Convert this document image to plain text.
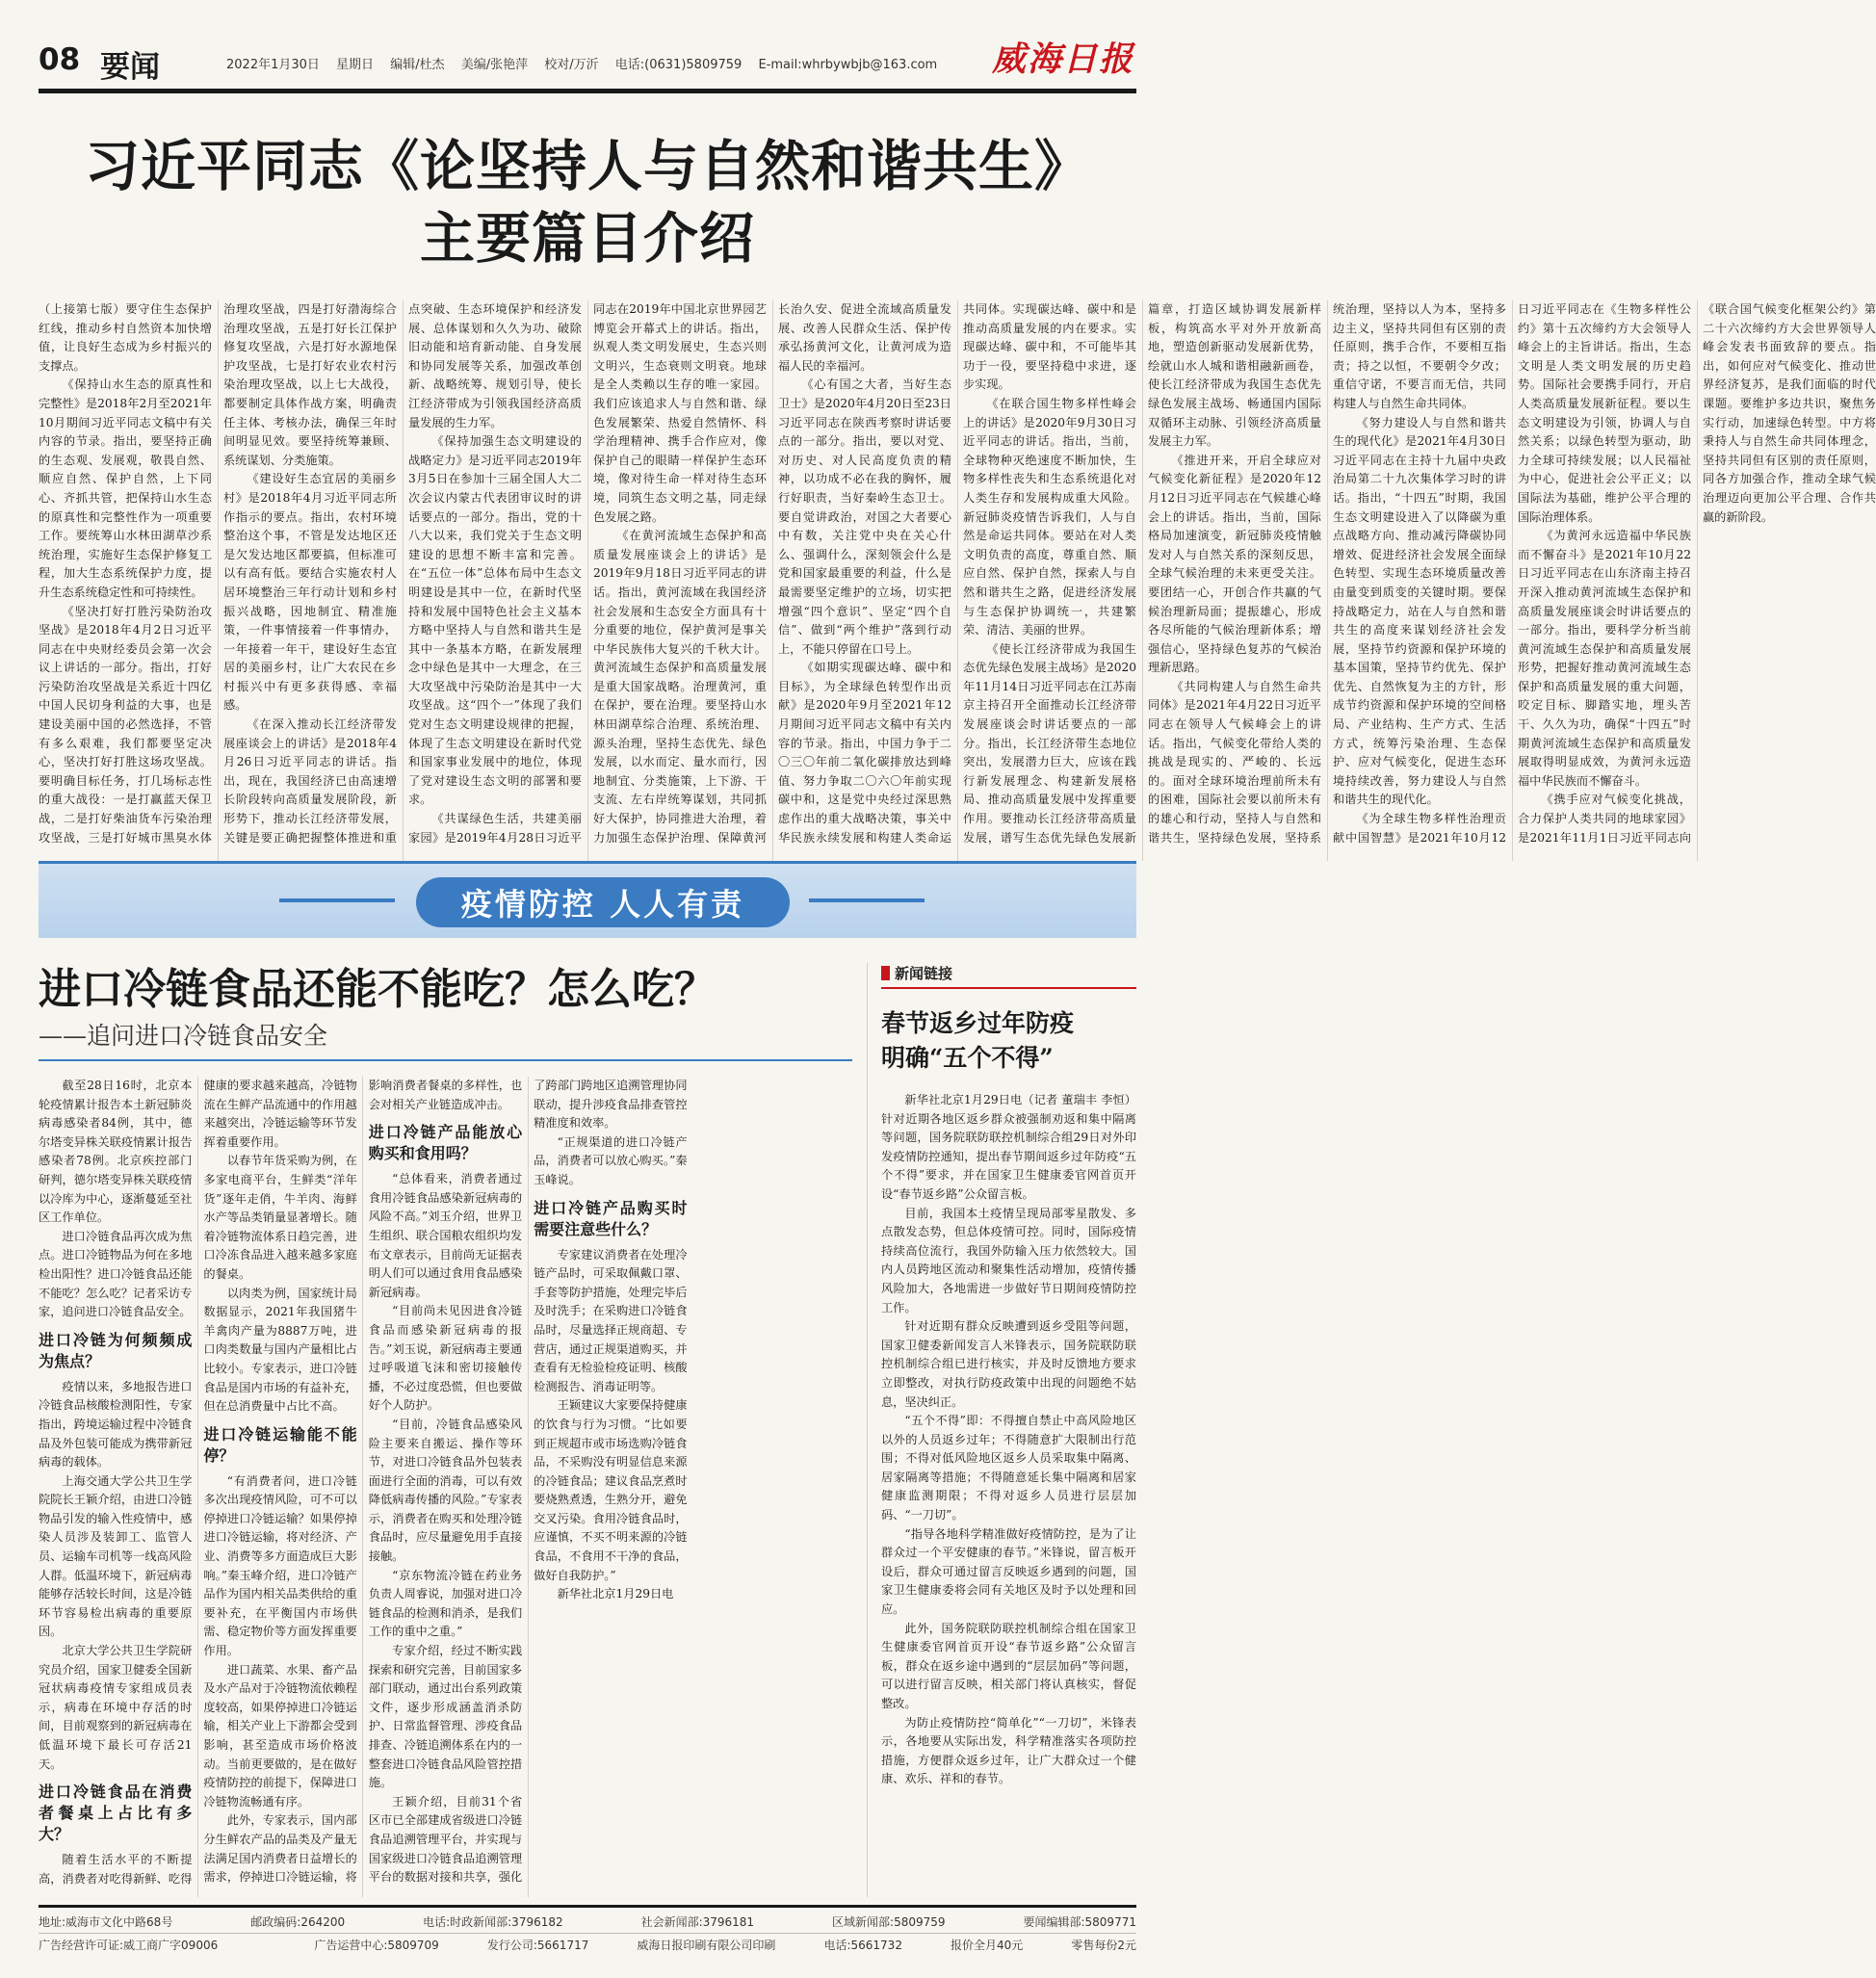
08 要闻	2022年1月30日 星期日 编辑/杜杰 美编/张艳萍 校对/万沂 电话:(0631)5809759 E-mail:whrbywbjb@163.com	威海日报
习近平同志《论坚持人与自然和谐共生》
主要篇目介绍

（上接第七版）要守住生态保护红线，推动乡村自然资本加快增值，让良好生态成为乡村振兴的支撑点。

《保持山水生态的原真性和完整性》是2018年2月至2021年10月期间习近平同志文稿中有关内容的节录。指出，要坚持正确的生态观、发展观，敬畏自然、顺应自然、保护自然，上下同心、齐抓共管，把保持山水生态的原真性和完整性作为一项重要工作。要统筹山水林田湖草沙系统治理，实施好生态保护修复工程，加大生态系统保护力度，提升生态系统稳定性和可持续性。

《坚决打好打胜污染防治攻坚战》是2018年4月2日习近平同志在中央财经委员会第一次会议上讲话的一部分。指出，打好污染防治攻坚战是关系近十四亿中国人民切身利益的大事，也是建设美丽中国的必然选择，不管有多么艰难，我们都要坚定决心，坚决打好打胜这场攻坚战。要明确目标任务，打几场标志性的重大战役：一是打赢蓝天保卫战，二是打好柴油货车污染治理攻坚战，三是打好城市黑臭水体治理攻坚战，四是打好渤海综合治理攻坚战，五是打好长江保护修复攻坚战，六是打好水源地保护攻坚战，七是打好农业农村污染治理攻坚战，以上七大战役，都要制定具体作战方案，明确责任主体、考核办法，确保三年时间明显见效。要坚持统筹兼顾、系统谋划、分类施策。

《建设好生态宜居的美丽乡村》是2018年4月习近平同志所作指示的要点。指出，农村环境整治这个事，不管是发达地区还是欠发达地区都要搞，但标准可以有高有低。要结合实施农村人居环境整治三年行动计划和乡村振兴战略，因地制宜、精准施策，一件事情接着一件事情办，一年接着一年干，建设好生态宜居的美丽乡村，让广大农民在乡村振兴中有更多获得感、幸福感。

《在深入推动长江经济带发展座谈会上的讲话》是2018年4月26日习近平同志的讲话。指出，现在，我国经济已由高速增长阶段转向高质量发展阶段，新形势下，推动长江经济带发展，关键是要正确把握整体推进和重点突破、生态环境保护和经济发展、总体谋划和久久为功、破除旧动能和培育新动能、自身发展和协同发展等关系，加强改革创新、战略统筹、规划引导，使长江经济带成为引领我国经济高质量发展的生力军。

《保持加强生态文明建设的战略定力》是习近平同志2019年3月5日在参加十三届全国人大二次会议内蒙古代表团审议时的讲话要点的一部分。指出，党的十八大以来，我们党关于生态文明建设的思想不断丰富和完善。在“五位一体”总体布局中生态文明建设是其中一位，在新时代坚持和发展中国特色社会主义基本方略中坚持人与自然和谐共生是其中一条基本方略，在新发展理念中绿色是其中一大理念，在三大攻坚战中污染防治是其中一大攻坚战。这“四个一”体现了我们党对生态文明建设规律的把握，体现了生态文明建设在新时代党和国家事业发展中的地位，体现了党对建设生态文明的部署和要求。

《共谋绿色生活，共建美丽家园》是2019年4月28日习近平同志在2019年中国北京世界园艺博览会开幕式上的讲话。指出，纵观人类文明发展史，生态兴则文明兴，生态衰则文明衰。地球是全人类赖以生存的唯一家园。我们应该追求人与自然和谐、绿色发展繁荣、热爱自然情怀、科学治理精神、携手合作应对，像保护自己的眼睛一样保护生态环境，像对待生命一样对待生态环境，同筑生态文明之基，同走绿色发展之路。

《在黄河流域生态保护和高质量发展座谈会上的讲话》是2019年9月18日习近平同志的讲话。指出，黄河流域在我国经济社会发展和生态安全方面具有十分重要的地位，保护黄河是事关中华民族伟大复兴的千秋大计。黄河流域生态保护和高质量发展是重大国家战略。治理黄河，重在保护，要在治理。要坚持山水林田湖草综合治理、系统治理、源头治理，坚持生态优先、绿色发展，以水而定、量水而行，因地制宜、分类施策，上下游、干支流、左右岸统筹谋划，共同抓好大保护，协同推进大治理，着力加强生态保护治理、保障黄河长治久安、促进全流域高质量发展、改善人民群众生活、保护传承弘扬黄河文化，让黄河成为造福人民的幸福河。

《心有国之大者，当好生态卫士》是2020年4月20日至23日习近平同志在陕西考察时讲话要点的一部分。指出，要以对党、对历史、对人民高度负责的精神，以功成不必在我的胸怀，履行好职责，当好秦岭生态卫士。要自觉讲政治，对国之大者要心中有数，关注党中央在关心什么、强调什么，深刻领会什么是党和国家最重要的利益，什么是最需要坚定维护的立场，切实把增强“四个意识”、坚定“四个自信”、做到“两个维护”落到行动上，不能只停留在口号上。

《如期实现碳达峰、碳中和目标》，为全球绿色转型作出贡献》是2020年9月至2021年12月期间习近平同志文稿中有关内容的节录。指出，中国力争于二〇三〇年前二氧化碳排放达到峰值、努力争取二〇六〇年前实现碳中和，这是党中央经过深思熟虑作出的重大战略决策，事关中华民族永续发展和构建人类命运共同体。实现碳达峰、碳中和是推动高质量发展的内在要求。实现碳达峰、碳中和，不可能毕其功于一役，要坚持稳中求进，逐步实现。

《在联合国生物多样性峰会上的讲话》是2020年9月30日习近平同志的讲话。指出，当前，全球物种灭绝速度不断加快，生物多样性丧失和生态系统退化对人类生存和发展构成重大风险。新冠肺炎疫情告诉我们，人与自然是命运共同体。要站在对人类文明负责的高度，尊重自然、顺应自然、保护自然，探索人与自然和谐共生之路，促进经济发展与生态保护协调统一，共建繁荣、清洁、美丽的世界。

《使长江经济带成为我国生态优先绿色发展主战场》是2020年11月14日习近平同志在江苏南京主持召开全面推动长江经济带发展座谈会时讲话要点的一部分。指出，长江经济带生态地位突出，发展潜力巨大，应该在践行新发展理念、构建新发展格局、推动高质量发展中发挥重要作用。要推动长江经济带高质量发展，谱写生态优先绿色发展新篇章，打造区域协调发展新样板，构筑高水平对外开放新高地，塑造创新驱动发展新优势，绘就山水人城和谐相融新画卷，使长江经济带成为我国生态优先绿色发展主战场、畅通国内国际双循环主动脉、引领经济高质量发展主力军。

《推进开来，开启全球应对气候变化新征程》是2020年12月12日习近平同志在气候雄心峰会上的讲话。指出，当前，国际格局加速演变，新冠肺炎疫情触发对人与自然关系的深刻反思，全球气候治理的未来更受关注。要团结一心，开创合作共赢的气候治理新局面；提振雄心，形成各尽所能的气候治理新体系；增强信心，坚持绿色复苏的气候治理新思路。

《共同构建人与自然生命共同体》是2021年4月22日习近平同志在领导人气候峰会上的讲话。指出，气候变化带给人类的挑战是现实的、严峻的、长远的。面对全球环境治理前所未有的困难，国际社会要以前所未有的雄心和行动，坚持人与自然和谐共生，坚持绿色发展，坚持系统治理，坚持以人为本，坚持多边主义，坚持共同但有区别的责任原则，携手合作，不要相互指责；持之以恒，不要朝令夕改；重信守诺，不要言而无信，共同构建人与自然生命共同体。

《努力建设人与自然和谐共生的现代化》是2021年4月30日习近平同志在主持十九届中央政治局第二十九次集体学习时的讲话。指出，“十四五”时期，我国生态文明建设进入了以降碳为重点战略方向、推动减污降碳协同增效、促进经济社会发展全面绿色转型、实现生态环境质量改善由量变到质变的关键时期。要保持战略定力，站在人与自然和谐共生的高度来谋划经济社会发展，坚持节约资源和保护环境的基本国策，坚持节约优先、保护优先、自然恢复为主的方针，形成节约资源和保护环境的空间格局、产业结构、生产方式、生活方式，统筹污染治理、生态保护、应对气候变化，促进生态环境持续改善，努力建设人与自然和谐共生的现代化。

《为全球生物多样性治理贡献中国智慧》是2021年10月12日习近平同志在《生物多样性公约》第十五次缔约方大会领导人峰会上的主旨讲话。指出，生态文明是人类文明发展的历史趋势。国际社会要携手同行，开启人类高质量发展新征程。要以生态文明建设为引领，协调人与自然关系；以绿色转型为驱动，助力全球可持续发展；以人民福祉为中心，促进社会公平正义；以国际法为基础，维护公平合理的国际治理体系。

《为黄河永远造福中华民族而不懈奋斗》是2021年10月22日习近平同志在山东济南主持召开深入推动黄河流域生态保护和高质量发展座谈会时讲话要点的一部分。指出，要科学分析当前黄河流域生态保护和高质量发展形势，把握好推动黄河流域生态保护和高质量发展的重大问题，咬定目标、脚踏实地，埋头苦干、久久为功，确保“十四五”时期黄河流域生态保护和高质量发展取得明显成效，为黄河永远造福中华民族而不懈奋斗。

《携手应对气候变化挑战，合力保护人类共同的地球家园》是2021年11月1日习近平同志向《联合国气候变化框架公约》第二十六次缔约方大会世界领导人峰会发表书面致辞的要点。指出，如何应对气候变化、推动世界经济复苏，是我们面临的时代课题。要维护多边共识，聚焦务实行动，加速绿色转型。中方将秉持人与自然生命共同体理念，坚持共同但有区别的责任原则，同各方加强合作，推动全球气候治理迈向更加公平合理、合作共赢的新阶段。

疫情防控 人人有责
进口冷链食品还能不能吃？怎么吃？
——追问进口冷链食品安全

截至28日16时，北京本轮疫情累计报告本土新冠肺炎病毒感染者84例，其中，德尔塔变异株关联疫情累计报告感染者78例。北京疾控部门研判，德尔塔变异株关联疫情以冷库为中心，逐渐蔓延至社区工作单位。

进口冷链食品再次成为焦点。进口冷链物品为何在多地检出阳性？进口冷链食品还能不能吃？怎么吃？记者采访专家，追问进口冷链食品安全。

进口冷链为何频频成为焦点？

疫情以来，多地报告进口冷链食品核酸检测阳性，专家指出，跨境运输过程中冷链食品及外包装可能成为携带新冠病毒的载体。

上海交通大学公共卫生学院院长王颖介绍，由进口冷链物品引发的输入性疫情中，感染人员涉及装卸工、监管人员、运输车司机等一线高风险人群。低温环境下，新冠病毒能够存活较长时间，这是冷链环节容易检出病毒的重要原因。

北京大学公共卫生学院研究员介绍，国家卫健委全国新冠状病毒疫情专家组成员表示，病毒在环境中存活的时间，目前观察到的新冠病毒在低温环境下最长可存活21天。

进口冷链食品在消费者餐桌上占比有多大？

随着生活水平的不断提高，消费者对吃得新鲜、吃得健康的要求越来越高，冷链物流在生鲜产品流通中的作用越来越突出，冷链运输等环节发挥着重要作用。

以春节年货采购为例，在多家电商平台，生鲜类“洋年货”逐年走俏，牛羊肉、海鲜水产等品类销量显著增长。随着冷链物流体系日趋完善，进口冷冻食品进入越来越多家庭的餐桌。

以肉类为例，国家统计局数据显示，2021年我国猪牛羊禽肉产量为8887万吨，进口肉类数量与国内产量相比占比较小。专家表示，进口冷链食品是国内市场的有益补充，但在总消费量中占比不高。

进口冷链运输能不能停？

“有消费者问，进口冷链多次出现疫情风险，可不可以停掉进口冷链运输？如果停掉进口冷链运输，将对经济、产业、消费等多方面造成巨大影响。”秦玉峰介绍，进口冷链产品作为国内相关品类供给的重要补充，在平衡国内市场供需、稳定物价等方面发挥重要作用。

进口蔬菜、水果、畜产品及水产品对于冷链物流依赖程度较高，如果停掉进口冷链运输，相关产业上下游都会受到影响，甚至造成市场价格波动。当前更要做的，是在做好疫情防控的前提下，保障进口冷链物流畅通有序。

此外，专家表示，国内部分生鲜农产品的品类及产量无法满足国内消费者日益增长的需求，停掉进口冷链运输，将影响消费者餐桌的多样性，也会对相关产业链造成冲击。

进口冷链产品能放心购买和食用吗？

“总体看来，消费者通过食用冷链食品感染新冠病毒的风险不高。”刘玉介绍，世界卫生组织、联合国粮农组织均发布文章表示，目前尚无证据表明人们可以通过食用食品感染新冠病毒。

“目前尚未见因进食冷链食品而感染新冠病毒的报告。”刘玉说，新冠病毒主要通过呼吸道飞沫和密切接触传播，不必过度恐慌，但也要做好个人防护。

“目前，冷链食品感染风险主要来自搬运、操作等环节，对进口冷链食品外包装表面进行全面的消毒，可以有效降低病毒传播的风险。”专家表示，消费者在购买和处理冷链食品时，应尽量避免用手直接接触。

“京东物流冷链在药业务负责人周睿说，加强对进口冷链食品的检测和消杀，是我们工作的重中之重。”

专家介绍，经过不断实践探索和研究完善，目前国家多部门联动，通过出台系列政策文件，逐步形成涵盖消杀防护、日常监督管理、涉疫食品排查、冷链追溯体系在内的一整套进口冷链食品风险管控措施。

王颖介绍，目前31个省区市已全部建成省级进口冷链食品追溯管理平台，并实现与国家级进口冷链食品追溯管理平台的数据对接和共享，强化了跨部门跨地区追溯管理协同联动，提升涉疫食品排查管控精准度和效率。

“正规渠道的进口冷链产品，消费者可以放心购买。”秦玉峰说。

进口冷链产品购买时需要注意些什么？

专家建议消费者在处理冷链产品时，可采取佩戴口罩、手套等防护措施，处理完毕后及时洗手；在采购进口冷链食品时，尽量选择正规商超、专营店，通过正规渠道购买，并查看有无检验检疫证明、核酸检测报告、消毒证明等。

王颖建议大家要保持健康的饮食与行为习惯。“比如要到正规超市或市场选购冷链食品，不采购没有明显信息来源的冷链食品；建议食品烹煮时要烧熟煮透，生熟分开，避免交叉污染。食用冷链食品时，应谨慎，不买不明来源的冷链食品，不食用不干净的食品，做好自我防护。”

新华社北京1月29日电

新闻链接
春节返乡过年防疫
明确“五个不得”

新华社北京1月29日电（记者 董瑞丰 李恒）针对近期各地区返乡群众被强制劝返和集中隔离等问题，国务院联防联控机制综合组29日对外印发疫情防控通知，提出春节期间返乡过年防疫“五个不得”要求，并在国家卫生健康委官网首页开设“春节返乡路”公众留言板。

目前，我国本土疫情呈现局部零星散发、多点散发态势，但总体疫情可控。同时，国际疫情持续高位流行，我国外防输入压力依然较大。国内人员跨地区流动和聚集性活动增加，疫情传播风险加大，各地需进一步做好节日期间疫情防控工作。

针对近期有群众反映遭到返乡受阻等问题，国家卫健委新闻发言人米锋表示，国务院联防联控机制综合组已进行核实，并及时反馈地方要求立即整改，对执行防疫政策中出现的问题绝不姑息，坚决纠正。

“五个不得”即：不得擅自禁止中高风险地区以外的人员返乡过年；不得随意扩大限制出行范围；不得对低风险地区返乡人员采取集中隔离、居家隔离等措施；不得随意延长集中隔离和居家健康监测期限；不得对返乡人员进行层层加码、“一刀切”。

“指导各地科学精准做好疫情防控，是为了让群众过一个平安健康的春节。”米锋说，留言板开设后，群众可通过留言反映返乡遇到的问题，国家卫生健康委将会同有关地区及时予以处理和回应。

此外，国务院联防联控机制综合组在国家卫生健康委官网首页开设“春节返乡路”公众留言板，群众在返乡途中遇到的“层层加码”等问题，可以进行留言反映，相关部门将认真核实，督促整改。

为防止疫情防控“简单化”“一刀切”，米锋表示，各地要从实际出发，科学精准落实各项防控措施，方便群众返乡过年，让广大群众过一个健康、欢乐、祥和的春节。

地址:威海市文化中路68号	邮政编码:264200	电话:时政新闻部:3796182	社会新闻部:3796181	区域新闻部:5809759	要闻编辑部:5809771
广告经营许可证:威工商广字09006	广告运营中心:5809709	发行公司:5661717	威海日报印刷有限公司印刷	电话:5661732	报价全月40元	零售每份2元
